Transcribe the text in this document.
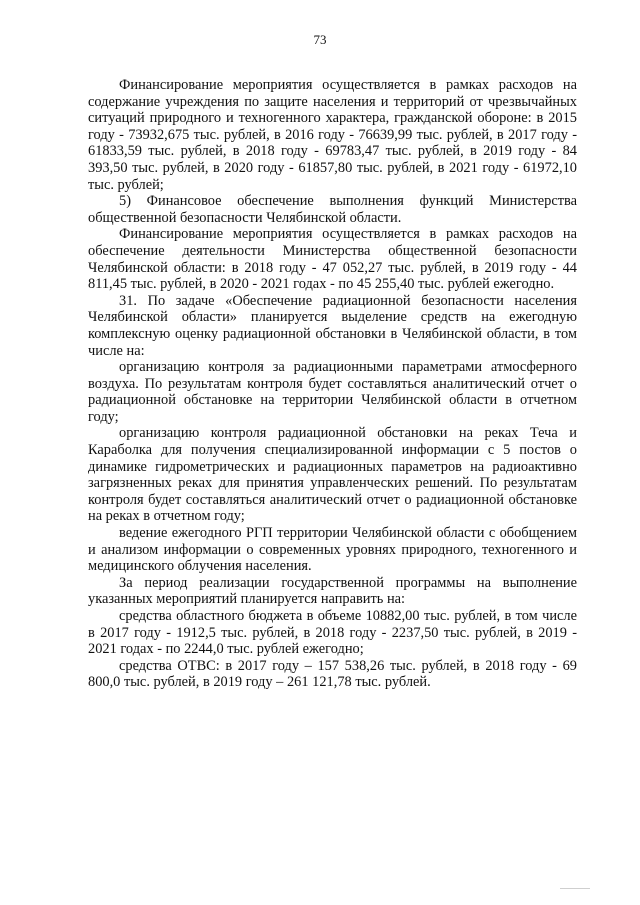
73

Финансирование мероприятия осуществляется в рамках расходов на содержание учреждения по защите населения и территорий от чрезвычайных ситуаций природного и техногенного характера, гражданской обороне: в 2015 году - 73932,675 тыс. рублей, в 2016 году - 76639,99 тыс. рублей, в 2017 году - 61833,59 тыс. рублей, в 2018 году - 69783,47 тыс. рублей, в 2019 году - 84 393,50 тыс. рублей, в 2020 году - 61857,80 тыс. рублей, в 2021 году - 61972,10 тыс. рублей;

5) Финансовое обеспечение выполнения функций Министерства общественной безопасности Челябинской области.

Финансирование мероприятия осуществляется в рамках расходов на обеспечение деятельности Министерства общественной безопасности Челябинской области: в 2018 году - 47 052,27 тыс. рублей, в 2019 году - 44 811,45 тыс. рублей, в 2020 - 2021 годах - по 45 255,40 тыс. рублей ежегодно.

31. По задаче «Обеспечение радиационной безопасности населения Челябинской области» планируется выделение средств на ежегодную комплексную оценку радиационной обстановки в Челябинской области, в том числе на:

организацию контроля за радиационными параметрами атмосферного воздуха. По результатам контроля будет составляться аналитический отчет о радиационной обстановке на территории Челябинской области в отчетном году;

организацию контроля радиационной обстановки на реках Теча и Караболка для получения специализированной информации с 5 постов о динамике гидрометрических и радиационных параметров на радиоактивно загрязненных реках для принятия управленческих решений. По результатам контроля будет составляться аналитический отчет о радиационной обстановке на реках в отчетном году;

ведение ежегодного РГП территории Челябинской области с обобщением и анализом информации о современных уровнях природного, техногенного и медицинского облучения населения.

За период реализации государственной программы на выполнение указанных мероприятий планируется направить на:

средства областного бюджета в объеме 10882,00 тыс. рублей, в том числе в 2017 году - 1912,5 тыс. рублей, в 2018 году - 2237,50 тыс. рублей, в 2019 - 2021 годах - по 2244,0 тыс. рублей ежегодно;

средства ОТВС: в 2017 году – 157 538,26 тыс. рублей, в 2018 году - 69 800,0 тыс. рублей, в 2019 году – 261 121,78 тыс. рублей.
